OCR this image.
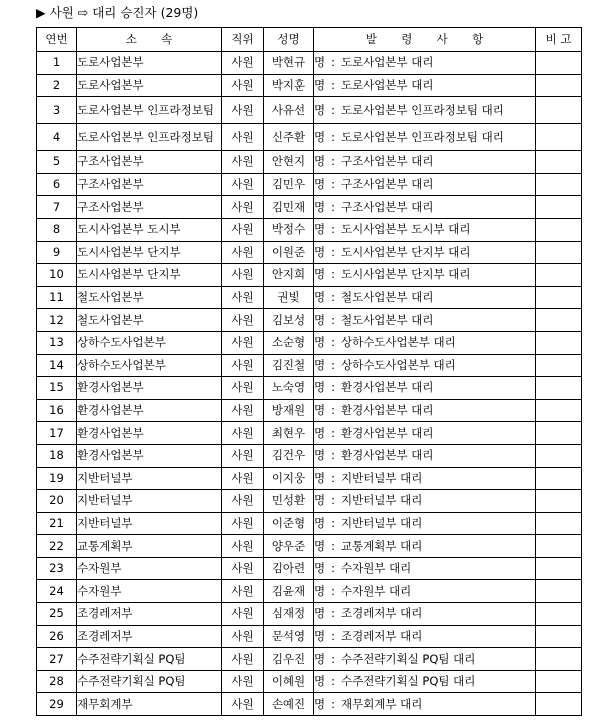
▶ 사원 ⇨ 대리 승진자 (29명)
연번	소 속	직위	성명	발 령 사 항	비 고
1	도로사업본부	사원	박현규	명 : 도로사업본부 대리	
2	도로사업본부	사원	박지훈	명 : 도로사업본부 대리	
3	도로사업본부 인프라정보팀	사원	사유선	명 : 도로사업본부 인프라정보팀 대리	
4	도로사업본부 인프라정보팀	사원	신주환	명 : 도로사업본부 인프라정보팀 대리	
5	구조사업본부	사원	안현지	명 : 구조사업본부 대리	
6	구조사업본부	사원	김민우	명 : 구조사업본부 대리	
7	구조사업본부	사원	김민재	명 : 구조사업본부 대리	
8	도시사업본부 도시부	사원	박정수	명 : 도시사업본부 도시부 대리	
9	도시사업본부 단지부	사원	이원준	명 : 도시사업본부 단지부 대리	
10	도시사업본부 단지부	사원	안지희	명 : 도시사업본부 단지부 대리	
11	철도사업본부	사원	권빛	명 : 철도사업본부 대리	
12	철도사업본부	사원	김보성	명 : 철도사업본부 대리	
13	상하수도사업본부	사원	소순형	명 : 상하수도사업본부 대리	
14	상하수도사업본부	사원	김진철	명 : 상하수도사업본부 대리	
15	환경사업본부	사원	노숙영	명 : 환경사업본부 대리	
16	환경사업본부	사원	방재원	명 : 환경사업본부 대리	
17	환경사업본부	사원	최현우	명 : 환경사업본부 대리	
18	환경사업본부	사원	김건우	명 : 환경사업본부 대리	
19	지반터널부	사원	이지웅	명 : 지반터널부 대리	
20	지반터널부	사원	민성환	명 : 지반터널부 대리	
21	지반터널부	사원	이준형	명 : 지반터널부 대리	
22	교통계획부	사원	양우준	명 : 교통계획부 대리	
23	수자원부	사원	김아련	명 : 수자원부 대리	
24	수자원부	사원	김윤재	명 : 수자원부 대리	
25	조경레저부	사원	심재정	명 : 조경레저부 대리	
26	조경레저부	사원	문석영	명 : 조경레저부 대리	
27	수주전략기획실 PQ팀	사원	김우진	명 : 수주전략기획실 PQ팀 대리	
28	수주전략기획실 PQ팀	사원	이혜원	명 : 수주전략기획실 PQ팀 대리	
29	재무회계부	사원	손예진	명 : 재무회계부 대리	
